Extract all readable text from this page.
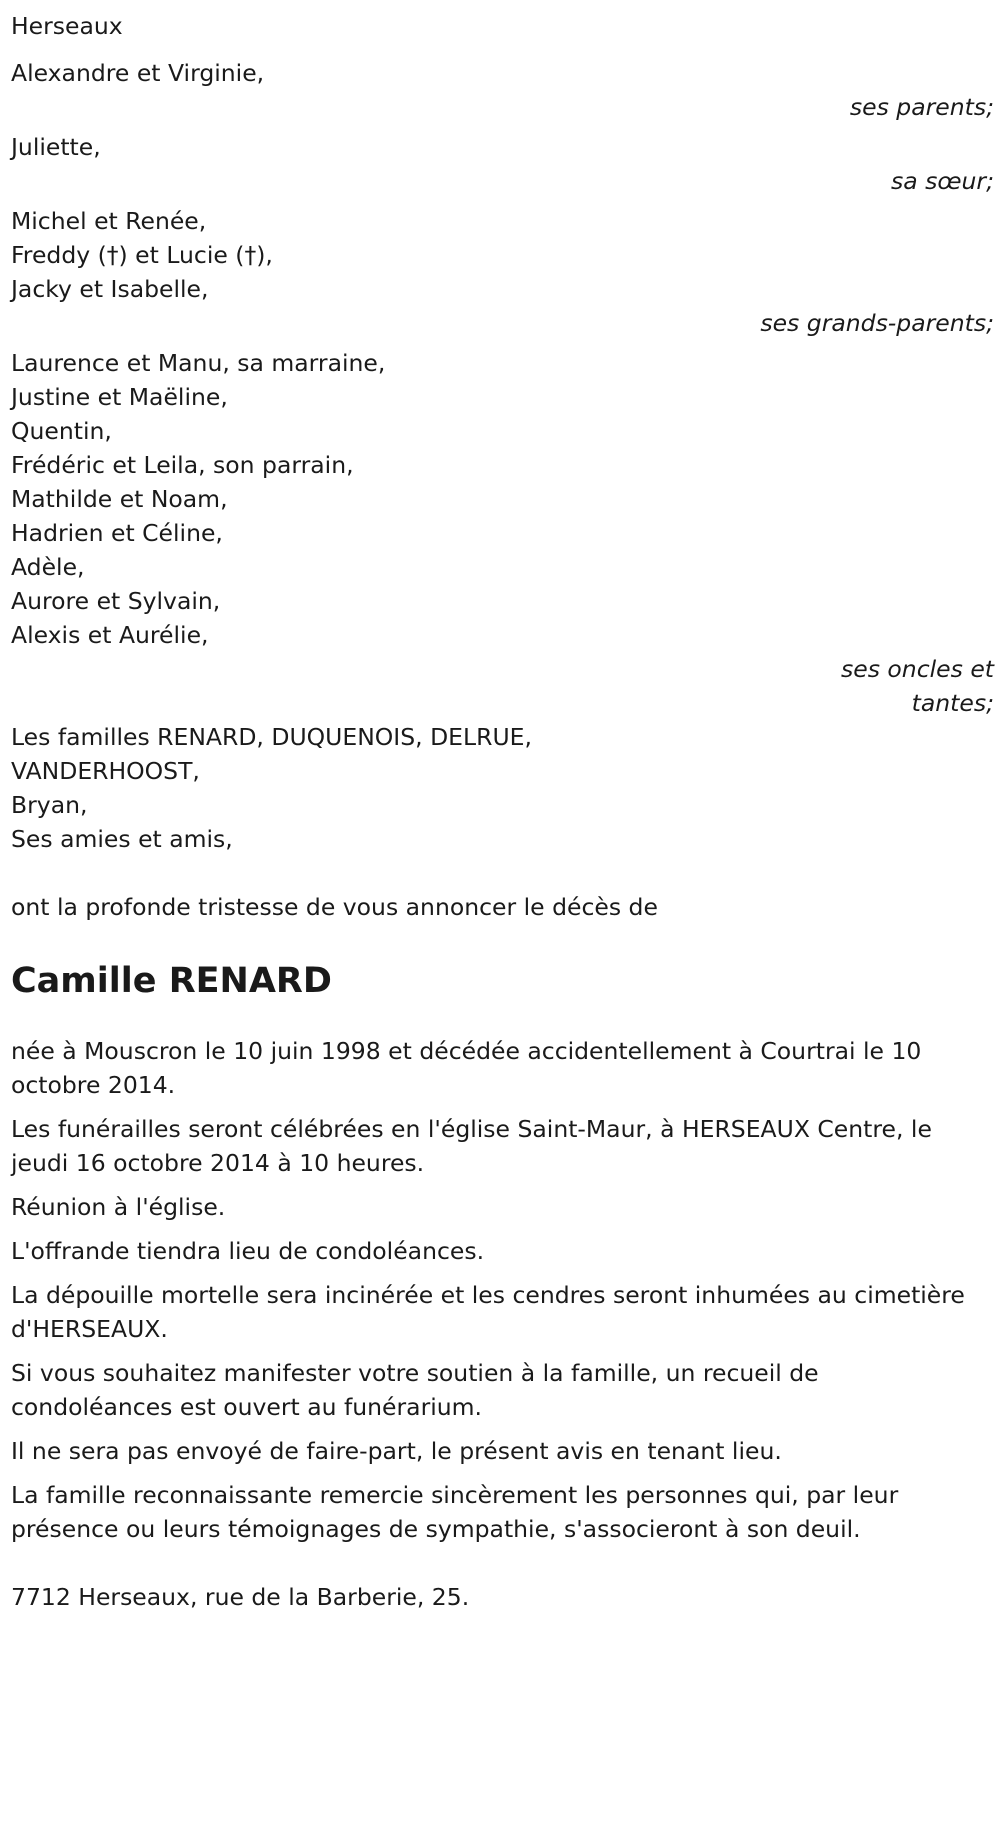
Herseaux
Alexandre et Virginie,
ses parents;
Juliette,
sa sœur;
Michel et Renée,
Freddy (†) et Lucie (†),
Jacky et Isabelle,
ses grands-parents;
Laurence et Manu, sa marraine,
Justine et Maëline,
Quentin,
Frédéric et Leila, son parrain,
Mathilde et Noam,
Hadrien et Céline,
Adèle,
Aurore et Sylvain,
Alexis et Aurélie,
ses oncles et
tantes;
Les familles RENARD, DUQUENOIS, DELRUE,
VANDERHOOST,
Bryan,
Ses amies et amis,
ont la profonde tristesse de vous annoncer le décès de
Camille RENARD
née à Mouscron le 10 juin 1998 et décédée accidentellement à Courtrai le 10 octobre 2014.
Les funérailles seront célébrées en l'église Saint-Maur, à HERSEAUX Centre, le jeudi 16 octobre 2014 à 10 heures.
Réunion à l'église.
L'offrande tiendra lieu de condoléances.
La dépouille mortelle sera incinérée et les cendres seront inhumées au cimetière d'HERSEAUX.
Si vous souhaitez manifester votre soutien à la famille, un recueil de condoléances est ouvert au funérarium.
Il ne sera pas envoyé de faire-part, le présent avis en tenant lieu.
La famille reconnaissante remercie sincèrement les personnes qui, par leur présence ou leurs témoignages de sympathie, s'associeront à son deuil.
7712 Herseaux, rue de la Barberie, 25.
